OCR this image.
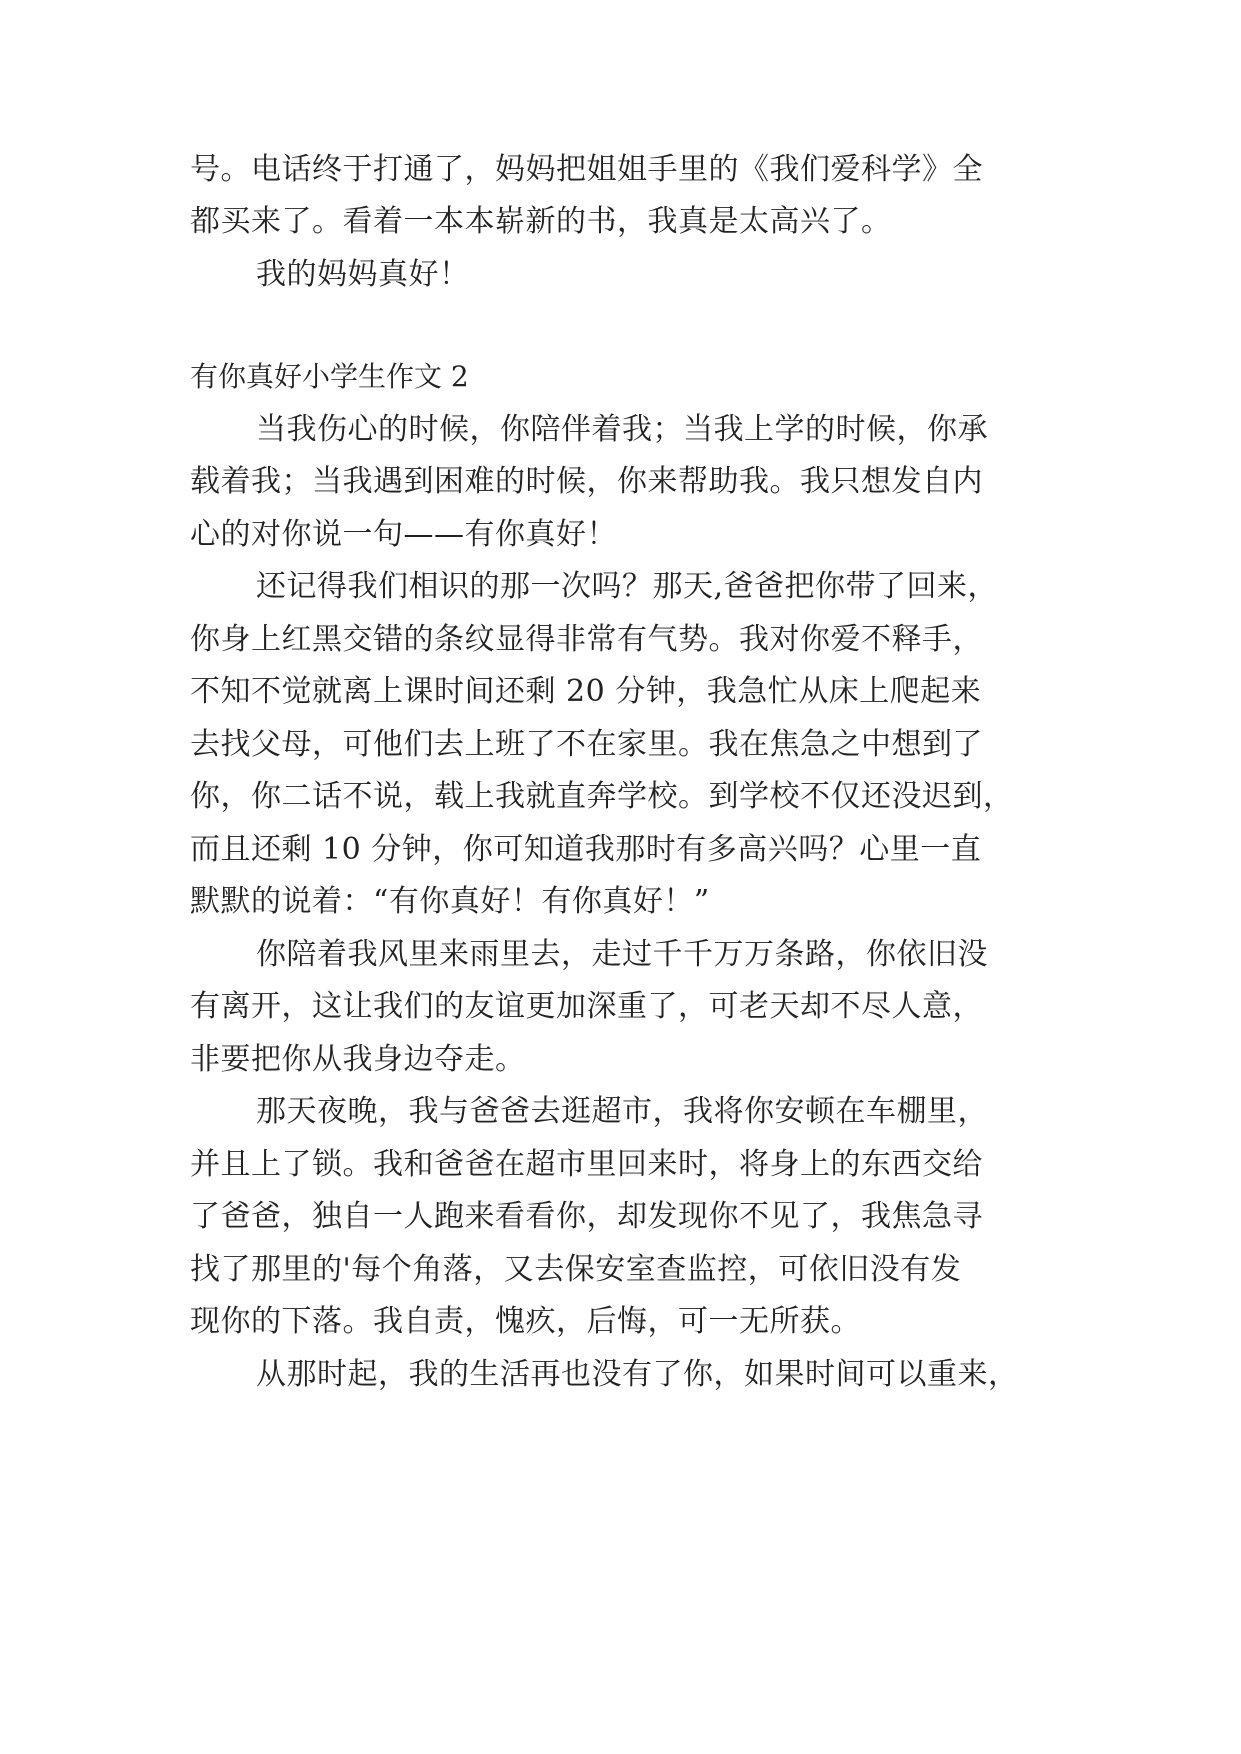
号。电话终于打通了，妈妈把姐姐手里的《我们爱科学》全
都买来了。看着一本本崭新的书，我真是太高兴了。
我的妈妈真好！
有你真好小学生作文 2
当我伤心的时候，你陪伴着我；当我上学的时候，你承
载着我；当我遇到困难的时候，你来帮助我。我只想发自内
心的对你说一句——有你真好！
还记得我们相识的那一次吗？那天,爸爸把你带了回来，
你身上红黑交错的条纹显得非常有气势。我对你爱不释手，
不知不觉就离上课时间还剩 20 分钟，我急忙从床上爬起来
去找父母，可他们去上班了不在家里。我在焦急之中想到了
你，你二话不说，载上我就直奔学校。到学校不仅还没迟到，
而且还剩 10 分钟，你可知道我那时有多高兴吗？心里一直
默默的说着：“有你真好！有你真好！”
你陪着我风里来雨里去，走过千千万万条路，你依旧没
有离开，这让我们的友谊更加深重了，可老天却不尽人意，
非要把你从我身边夺走。
那天夜晚，我与爸爸去逛超市，我将你安顿在车棚里，
并且上了锁。我和爸爸在超市里回来时，将身上的东西交给
了爸爸，独自一人跑来看看你，却发现你不见了，我焦急寻
找了那里的'每个角落，又去保安室查监控，可依旧没有发
现你的下落。我自责，愧疚，后悔，可一无所获。
从那时起，我的生活再也没有了你，如果时间可以重来，
